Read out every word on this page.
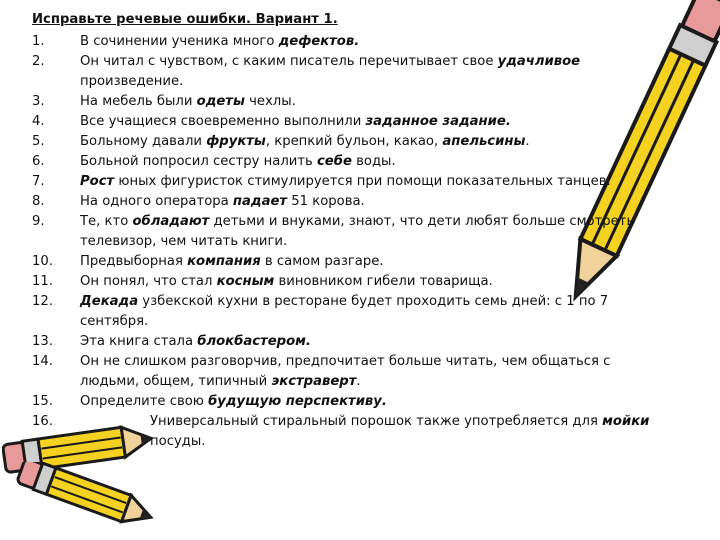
Исправьте речевые ошибки. Вариант 1.
1.	В сочинении ученика много дефектов.
2.	Он читал с чувством, с каким писатель перечитывает свое удачливое произведение.
3.	На мебель были одеты чехлы.
4.	Все учащиеся своевременно выполнили заданное задание.
5.	Больному давали фрукты, крепкий бульон, какао, апельсины.
6.	Больной попросил сестру налить себе воды.
7.	Рост юных фигуристок стимулируется при помощи показательных танцев.
8.	На одного оператора падает 51 корова.
9.	Те, кто обладают детьми и внуками, знают, что дети любят больше смотреть телевизор, чем читать книги.
10.	Предвыборная компания в самом разгаре.
11.	Он понял, что стал косным виновником гибели товарища.
12.	Декада узбекской кухни в ресторане будет проходить семь дней: с 1 по 7 сентября.
13.	Эта книга стала блокбастером.
14.	Он не слишком разговорчив, предпочитает больше читать, чем общаться с людьми, общем, типичный экстраверт.
15.	Определите свою будущую перспективу.
16.	Универсальный стиральный порошок также употребляется для мойки посуды.
